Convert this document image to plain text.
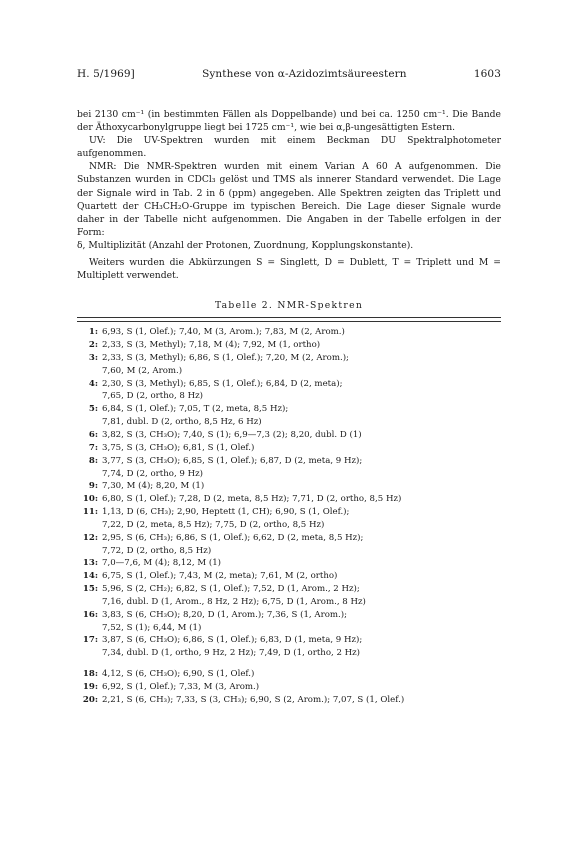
H. 5/1969]	Synthese von α-Azidozimtsäureestern	1603

bei 2130 cm⁻¹ (in bestimmten Fällen als Doppelbande) und bei ca. 1250 cm⁻¹. Die Bande der Äthoxycarbonylgruppe liegt bei 1725 cm⁻¹, wie bei α,β-ungesättigten Estern.

UV: Die UV-Spektren wurden mit einem Beckman DU Spektralphotometer aufgenommen.

NMR: Die NMR-Spektren wurden mit einem Varian A 60 A aufgenommen. Die Substanzen wurden in CDCl₃ gelöst und TMS als innerer Standard verwendet. Die Lage der Signale wird in Tab. 2 in δ (ppm) angegeben. Alle Spektren zeigten das Triplett und Quartett der CH₃CH₂O-Gruppe im typischen Bereich. Die Lage dieser Signale wurde daher in der Tabelle nicht aufgenommen. Die Angaben in der Tabelle erfolgen in der Form:

δ, Multiplizität (Anzahl der Protonen, Zuordnung, Kopplungskonstante).

Weiters wurden die Abkürzungen S = Singlett, D = Dublett, T = Triplett und M = Multiplett verwendet.

Tabelle 2. NMR-Spektren
1: 6,93, S (1, Olef.); 7,40, M (3, Arom.); 7,83, M (2, Arom.)
2: 2,33, S (3, Methyl); 7,18, M (4); 7,92, M (1, ortho)
3: 2,33, S (3, Methyl); 6,86, S (1, Olef.); 7,20, M (2, Arom.);
7,60, M (2, Arom.)
4: 2,30, S (3, Methyl); 6,85, S (1, Olef.); 6,84, D (2, meta);
7,65, D (2, ortho, 8 Hz)
5: 6,84, S (1, Olef.); 7,05, T (2, meta, 8,5 Hz);
7,81, dubl. D (2, ortho, 8,5 Hz, 6 Hz)
6: 3,82, S (3, CH₃O); 7,40, S (1); 6,9—7,3 (2); 8,20, dubl. D (1)
7: 3,75, S (3, CH₃O); 6,81, S (1, Olef.)
8: 3,77, S (3, CH₃O); 6,85, S (1, Olef.); 6,87, D (2, meta, 9 Hz);
7,74, D (2, ortho, 9 Hz)
9: 7,30, M (4); 8,20, M (1)
10: 6,80, S (1, Olef.); 7,28, D (2, meta, 8,5 Hz); 7,71, D (2, ortho, 8,5 Hz)
11: 1,13, D (6, CH₃); 2,90, Heptett (1, CH); 6,90, S (1, Olef.);
7,22, D (2, meta, 8,5 Hz); 7,75, D (2, ortho, 8,5 Hz)
12: 2,95, S (6, CH₃); 6,86, S (1, Olef.); 6,62, D (2, meta, 8,5 Hz);
7,72, D (2, ortho, 8,5 Hz)
13: 7,0—7,6, M (4); 8,12, M (1)
14: 6,75, S (1, Olef.); 7,43, M (2, meta); 7,61, M (2, ortho)
15: 5,96, S (2, CH₂); 6,82, S (1, Olef.); 7,52, D (1, Arom., 2 Hz);
7,16, dubl. D (1, Arom., 8 Hz, 2 Hz); 6,75, D (1, Arom., 8 Hz)
16: 3,83, S (6, CH₃O); 8,20, D (1, Arom.); 7,36, S (1, Arom.);
7,52, S (1); 6,44, M (1)
17: 3,87, S (6, CH₃O); 6,86, S (1, Olef.); 6,83, D (1, meta, 9 Hz);
7,34, dubl. D (1, ortho, 9 Hz, 2 Hz); 7,49, D (1, ortho, 2 Hz)
18: 4,12, S (6, CH₃O); 6,90, S (1, Olef.)
19: 6,92, S (1, Olef.); 7,33, M (3, Arom.)
20: 2,21, S (6, CH₃); 7,33, S (3, CH₃); 6,90, S (2, Arom.); 7,07, S (1, Olef.)
